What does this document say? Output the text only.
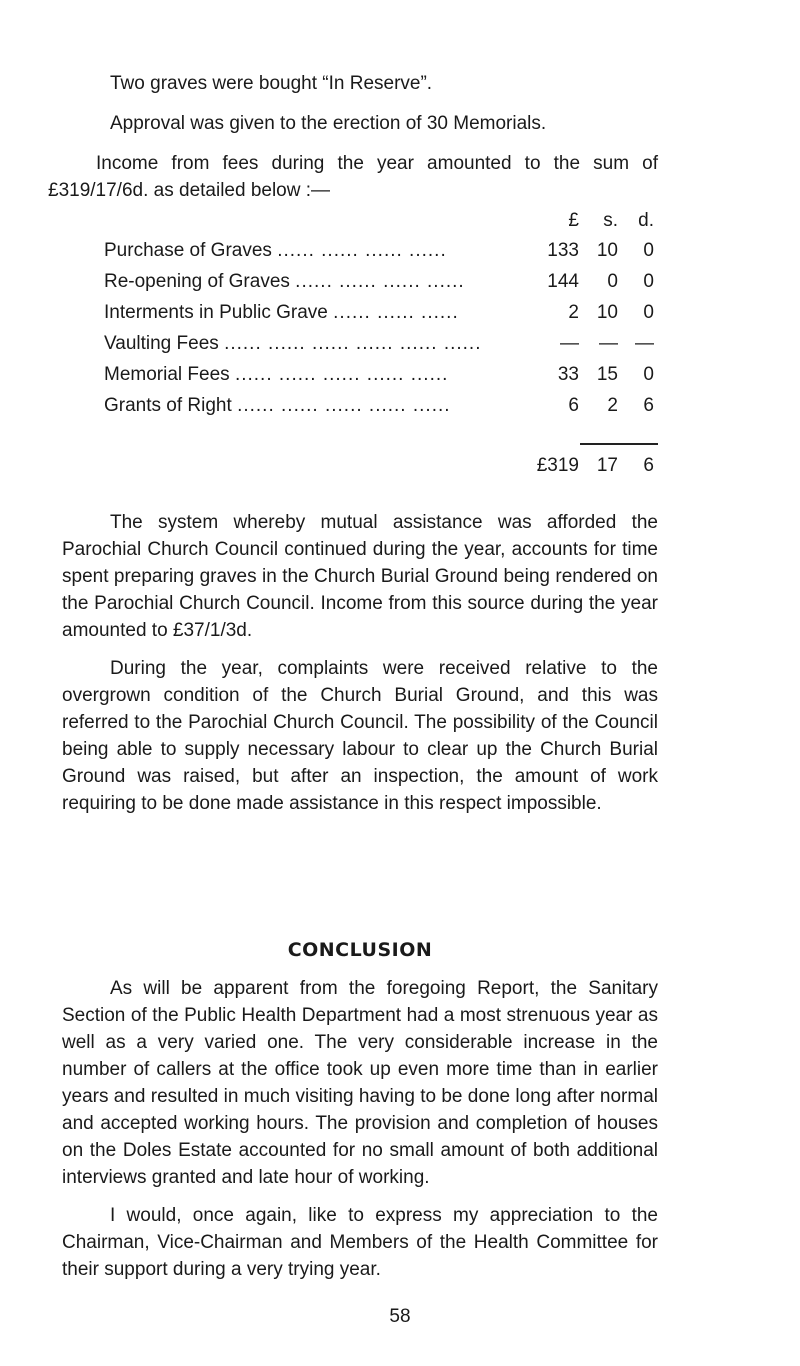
Two graves were bought “In Reserve”.

Approval was given to the erection of 30 Memorials.

Income from fees during the year amounted to the sum of £319/17/6d. as detailed below :—

£	s.	d.
Purchase of Graves ...... ...... ...... ......	133 10	0
Re-opening of Graves ...... ...... ...... ......	144	0	0
Interments in Public Grave ...... ...... ......	2 10	0
Vaulting Fees ...... ...... ...... ...... ...... ......	—	— —
Memorial Fees ...... ...... ...... ...... ......	33 15	0
Grants of Right ...... ...... ...... ...... ......	6	2	6
£319 17	6

The system whereby mutual assistance was afforded the Parochial Church Council continued during the year, accounts for time spent preparing graves in the Church Burial Ground being rendered on the Parochial Church Council. Income from this source during the year amounted to £37/1/3d.

During the year, complaints were received relative to the overgrown condition of the Church Burial Ground, and this was referred to the Parochial Church Council. The possibility of the Council being able to supply necessary labour to clear up the Church Burial Ground was raised, but after an inspection, the amount of work requiring to be done made assistance in this respect impossible.

CONCLUSION

As will be apparent from the foregoing Report, the Sanitary Section of the Public Health Department had a most strenuous year as well as a very varied one. The very considerable increase in the number of callers at the office took up even more time than in earlier years and resulted in much visiting having to be done long after normal and accepted working hours. The provision and completion of houses on the Doles Estate accounted for no small amount of both additional interviews granted and late hour of working.

I would, once again, like to express my appreciation to the Chairman, Vice-Chairman and Members of the Health Committee for their support during a very trying year.

58
